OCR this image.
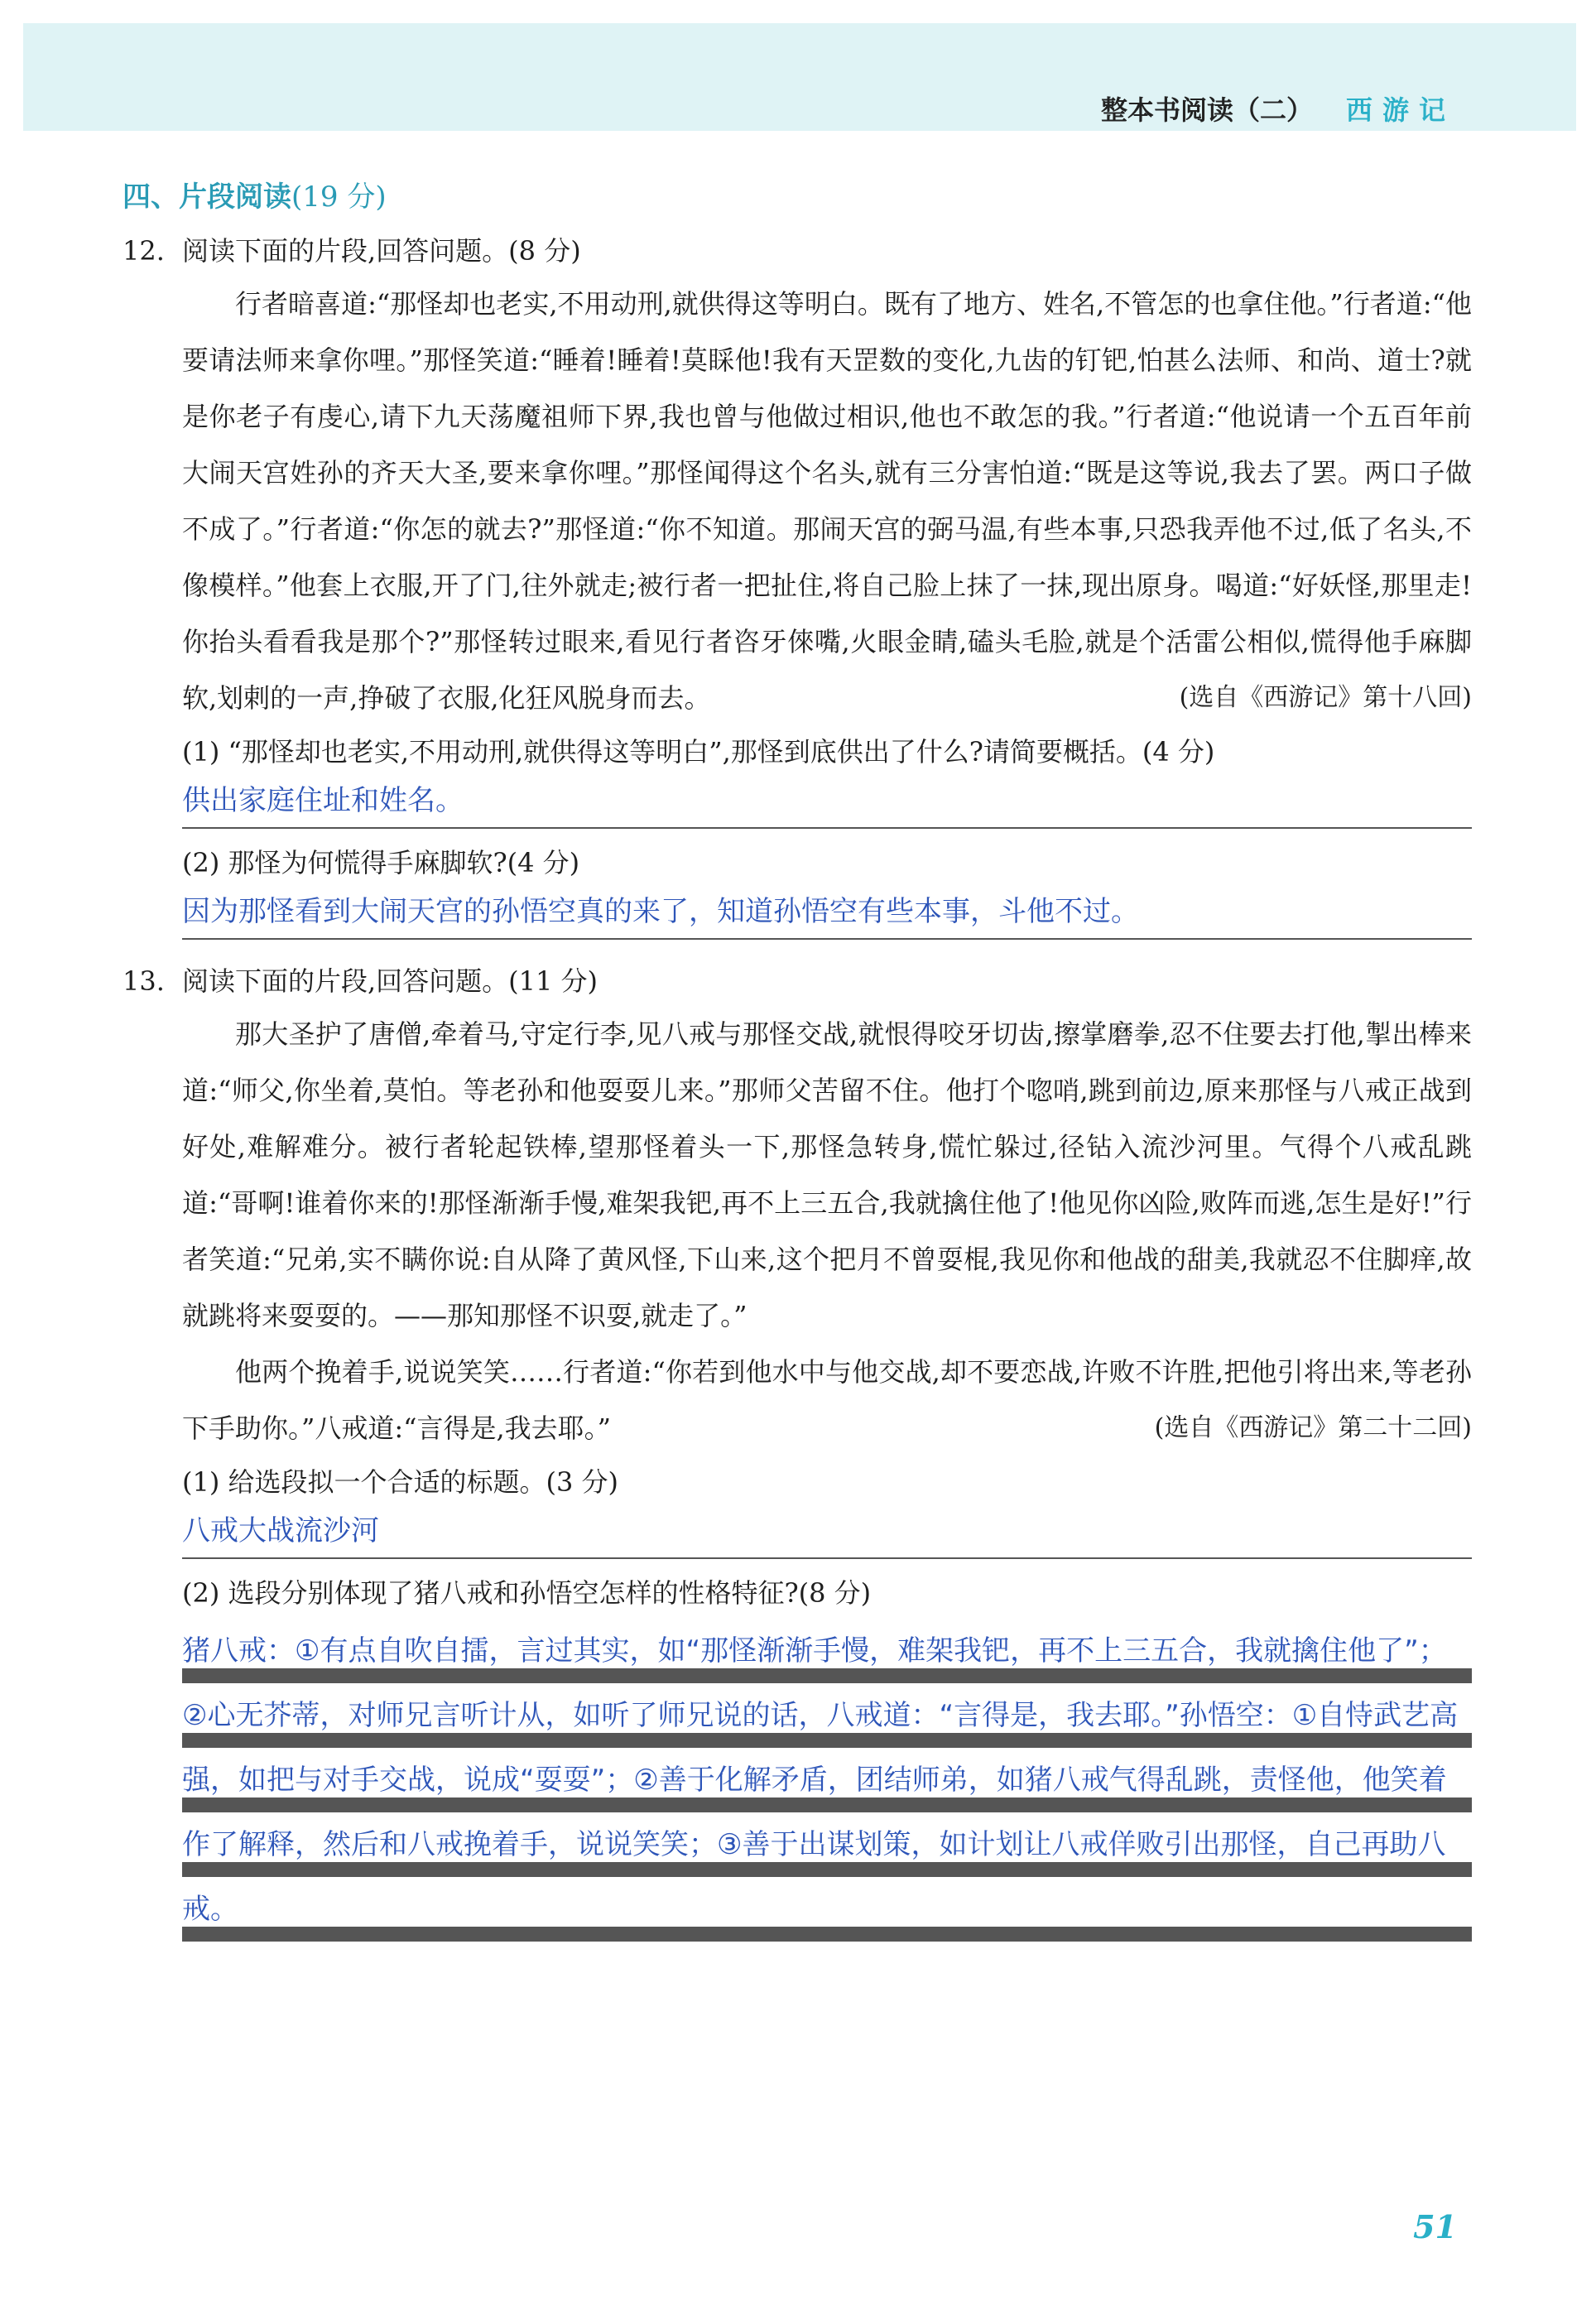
整本书阅读（二） 西游记
四、片段阅读(19 分)
12. 阅读下面的片段,回答问题。(8 分)
行者暗喜道:“那怪却也老实,不用动刑,就供得这等明白。既有了地方、姓名,不管怎的也拿住他。”行者道:“他要请法师来拿你哩。”那怪笑道:“睡着!睡着!莫睬他!我有天罡数的变化,九齿的钉钯,怕甚么法师、和尚、道士?就是你老子有虔心,请下九天荡魔祖师下界,我也曾与他做过相识,他也不敢怎的我。”行者道:“他说请一个五百年前大闹天宫姓孙的齐天大圣,要来拿你哩。”那怪闻得这个名头,就有三分害怕道:“既是这等说,我去了罢。两口子做不成了。”行者道:“你怎的就去?”那怪道:“你不知道。那闹天宫的弼马温,有些本事,只恐我弄他不过,低了名头,不像模样。”他套上衣服,开了门,往外就走;被行者一把扯住,将自己脸上抹了一抹,现出原身。喝道:“好妖怪,那里走!你抬头看看我是那个?”那怪转过眼来,看见行者咨牙倈嘴,火眼金睛,磕头毛脸,就是个活雷公相似,慌得他手麻脚软,划剌的一声,挣破了衣服,化狂风脱身而去。	(选自《西游记》第十八回)
(1) “那怪却也老实,不用动刑,就供得这等明白”,那怪到底供出了什么?请简要概括。(4 分)
供出家庭住址和姓名。
(2) 那怪为何慌得手麻脚软?(4 分)
因为那怪看到大闹天宫的孙悟空真的来了，知道孙悟空有些本事，斗他不过。
13. 阅读下面的片段,回答问题。(11 分)
那大圣护了唐僧,牵着马,守定行李,见八戒与那怪交战,就恨得咬牙切齿,擦掌磨拳,忍不住要去打他,掣出棒来道:“师父,你坐着,莫怕。等老孙和他耍耍儿来。”那师父苦留不住。他打个唿哨,跳到前边,原来那怪与八戒正战到好处,难解难分。被行者轮起铁棒,望那怪着头一下,那怪急转身,慌忙躲过,径钻入流沙河里。气得个八戒乱跳道:“哥啊!谁着你来的!那怪渐渐手慢,难架我钯,再不上三五合,我就擒住他了!他见你凶险,败阵而逃,怎生是好!”行者笑道:“兄弟,实不瞒你说:自从降了黄风怪,下山来,这个把月不曾耍棍,我见你和他战的甜美,我就忍不住脚痒,故就跳将来耍耍的。——那知那怪不识耍,就走了。”
他两个挽着手,说说笑笑……行者道:“你若到他水中与他交战,却不要恋战,许败不许胜,把他引将出来,等老孙下手助你。”八戒道:“言得是,我去耶。”	(选自《西游记》第二十二回)
(1) 给选段拟一个合适的标题。(3 分)
八戒大战流沙河
(2) 选段分别体现了猪八戒和孙悟空怎样的性格特征?(8 分)
猪八戒：①有点自吹自擂，言过其实，如“那怪渐渐手慢，难架我钯，再不上三五合，我就擒住他了”；②心无芥蒂，对师兄言听计从，如听了师兄说的话，八戒道：“言得是，我去耶。”孙悟空：①自恃武艺高强，如把与对手交战，说成“耍耍”；②善于化解矛盾，团结师弟，如猪八戒气得乱跳，责怪他，他笑着作了解释，然后和八戒挽着手，说说笑笑；③善于出谋划策，如计划让八戒佯败引出那怪，自己再助八戒。
51
